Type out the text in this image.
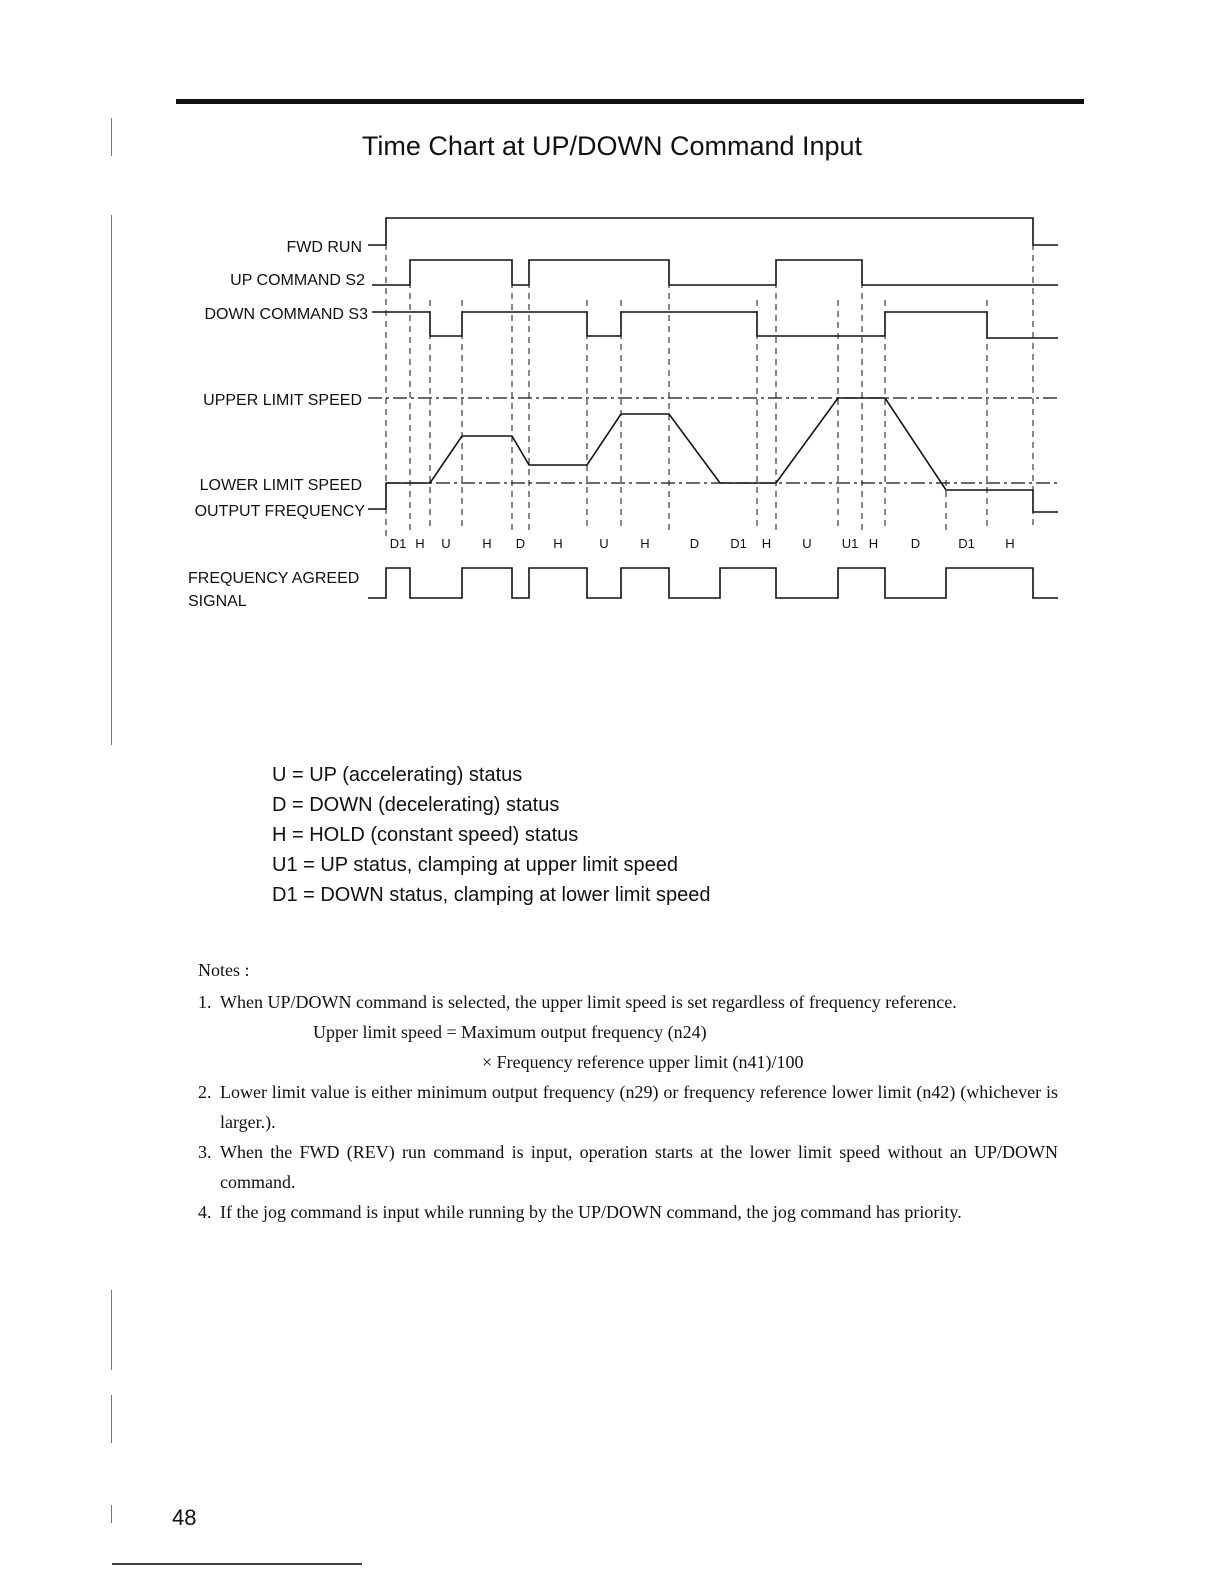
Time Chart at UP/DOWN Command Input
FWD RUN
UP COMMAND S2
DOWN COMMAND S3
UPPER LIMIT SPEED
LOWER LIMIT SPEED
OUTPUT FREQUENCY
FREQUENCY AGREED
SIGNAL
D1 H U H D H	U H	D D1 H U U1 H	D	D1 H
U = UP (accelerating) status
D = DOWN (decelerating) status
H = HOLD (constant speed) status
U1 = UP status, clamping at upper limit speed
D1 = DOWN status, clamping at lower limit speed
Notes :
1. When UP/DOWN command is selected, the upper limit speed is set regardless of frequency reference.
Upper limit speed = Maximum output frequency (n24)
× Frequency reference upper limit (n41)/100
2. Lower limit value is either minimum output frequency (n29) or frequency reference lower limit (n42) (whichever is larger.).
3. When the FWD (REV) run command is input, operation starts at the lower limit speed without an UP/DOWN command.
4. If the jog command is input while running by the UP/DOWN command, the jog command has priority.
48
